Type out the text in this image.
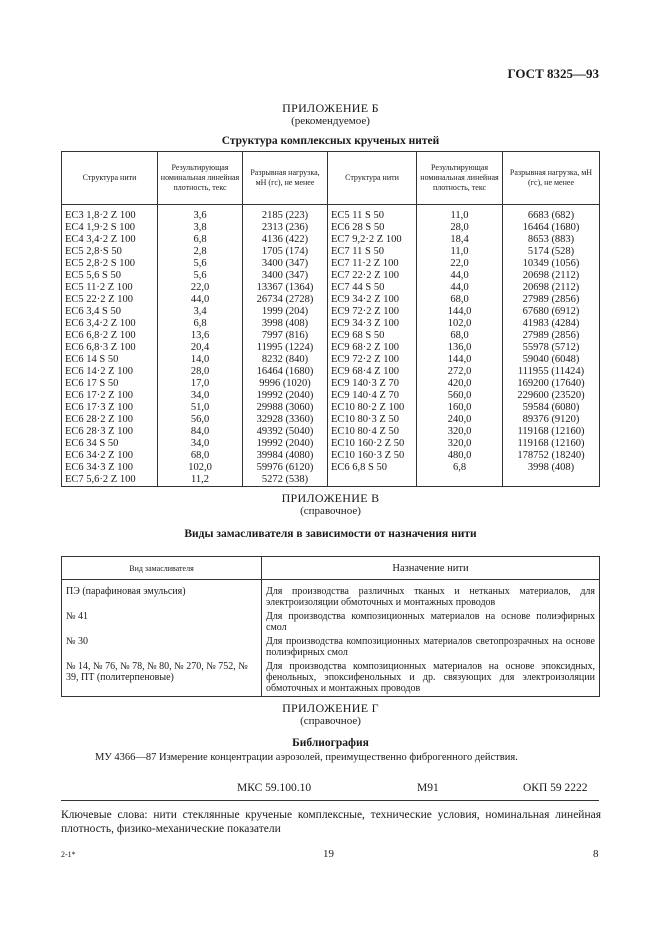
ГОСТ 8325—93
ПРИЛОЖЕНИЕ Б
(рекомендуемое)
Структура комплексных крученых нитей
Структура нити	Результирующая номинальная линейная плотность, текс	Разрывная нагрузка, мН (гс), не менее	Структура нити	Результирующая номинальная линейная плотность, текс	Разрывная нагрузка, мН (гс), не менее
ЕС3 1,8·2 Z 100	3,6	2185 (223)	ЕС5 11 S 50	11,0	6683 (682)
ЕС4 1,9·2 S 100	3,8	2313 (236)	ЕС6 28 S 50	28,0	16464 (1680)
ЕС4 3,4·2 Z 100	6,8	4136 (422)	ЕС7 9,2·2 Z 100	18,4	8653 (883)
ЕС5 2,8·S 50	2,8	1705 (174)	ЕС7 11 S 50	11,0	5174 (528)
ЕС5 2,8·2 S 100	5,6	3400 (347)	ЕС7 11·2 Z 100	22,0	10349 (1056)
ЕС5 5,6 S 50	5,6	3400 (347)	ЕС7 22·2 Z 100	44,0	20698 (2112)
ЕС5 11·2 Z 100	22,0	13367 (1364)	ЕС7 44 S 50	44,0	20698 (2112)
ЕС5 22·2 Z 100	44,0	26734 (2728)	ЕС9 34·2 Z 100	68,0	27989 (2856)
ЕС6 3,4 S 50	3,4	1999 (204)	ЕС9 72·2 Z 100	144,0	67680 (6912)
ЕС6 3,4·2 Z 100	6,8	3998 (408)	ЕС9 34·3 Z 100	102,0	41983 (4284)
ЕС6 6,8·2 Z 100	13,6	7997 (816)	ЕС9 68 S 50	68,0	27989 (2856)
ЕС6 6,8·3 Z 100	20,4	11995 (1224)	ЕС9 68·2 Z 100	136,0	55978 (5712)
ЕС6 14 S 50	14,0	8232 (840)	ЕС9 72·2 Z 100	144,0	59040 (6048)
ЕС6 14·2 Z 100	28,0	16464 (1680)	ЕС9 68·4 Z 100	272,0	111955 (11424)
ЕС6 17 S 50	17,0	9996 (1020)	ЕС9 140·3 Z 70	420,0	169200 (17640)
ЕС6 17·2 Z 100	34,0	19992 (2040)	ЕС9 140·4 Z 70	560,0	229600 (23520)
ЕС6 17·3 Z 100	51,0	29988 (3060)	ЕС10 80·2 Z 100	160,0	59584 (6080)
ЕС6 28·2 Z 100	56,0	32928 (3360)	ЕС10 80·3 Z 50	240,0	89376 (9120)
ЕС6 28·3 Z 100	84,0	49392 (5040)	ЕС10 80·4 Z 50	320,0	119168 (12160)
ЕС6 34 S 50	34,0	19992 (2040)	ЕС10 160·2 Z 50	320,0	119168 (12160)
ЕС6 34·2 Z 100	68,0	39984 (4080)	ЕС10 160·3 Z 50	480,0	178752 (18240)
ЕС6 34·3 Z 100	102,0	59976 (6120)	ЕС6 6,8 S 50	6,8	3998 (408)
ЕС7 5,6·2 Z 100	11,2	5272 (538)			
ПРИЛОЖЕНИЕ В
(справочное)
Виды замасливателя в зависимости от назначения нити
Вид замасливателя	Назначение нити
ПЭ (парафиновая эмульсия)	Для производства различных тканых и нетканых материалов, для электроизоляции обмоточных и монтажных проводов
№ 41	Для производства композиционных материалов на основе полиэфирных смол
№ 30	Для производства композиционных материалов светопрозрачных на основе полиэфирных смол
№ 14, № 76, № 78, № 80, № 270, № 752, № 39, ПТ (политерпеновые)	Для производства композиционных материалов на основе эпоксидных, фенольных, эпоксифенольных и др. связующих для электроизоляции обмоточных и монтажных проводов
ПРИЛОЖЕНИЕ Г
(справочное)
Библиография
МУ 4366—87 Измерение концентрации аэрозолей, преимущественно фиброгенного действия.
МКС 59.100.10	М91	ОКП 59 2222
Ключевые слова: нити стеклянные крученые комплексные, технические условия, номинальная линейная плотность, физико-механические показатели
2-1*	19	8
